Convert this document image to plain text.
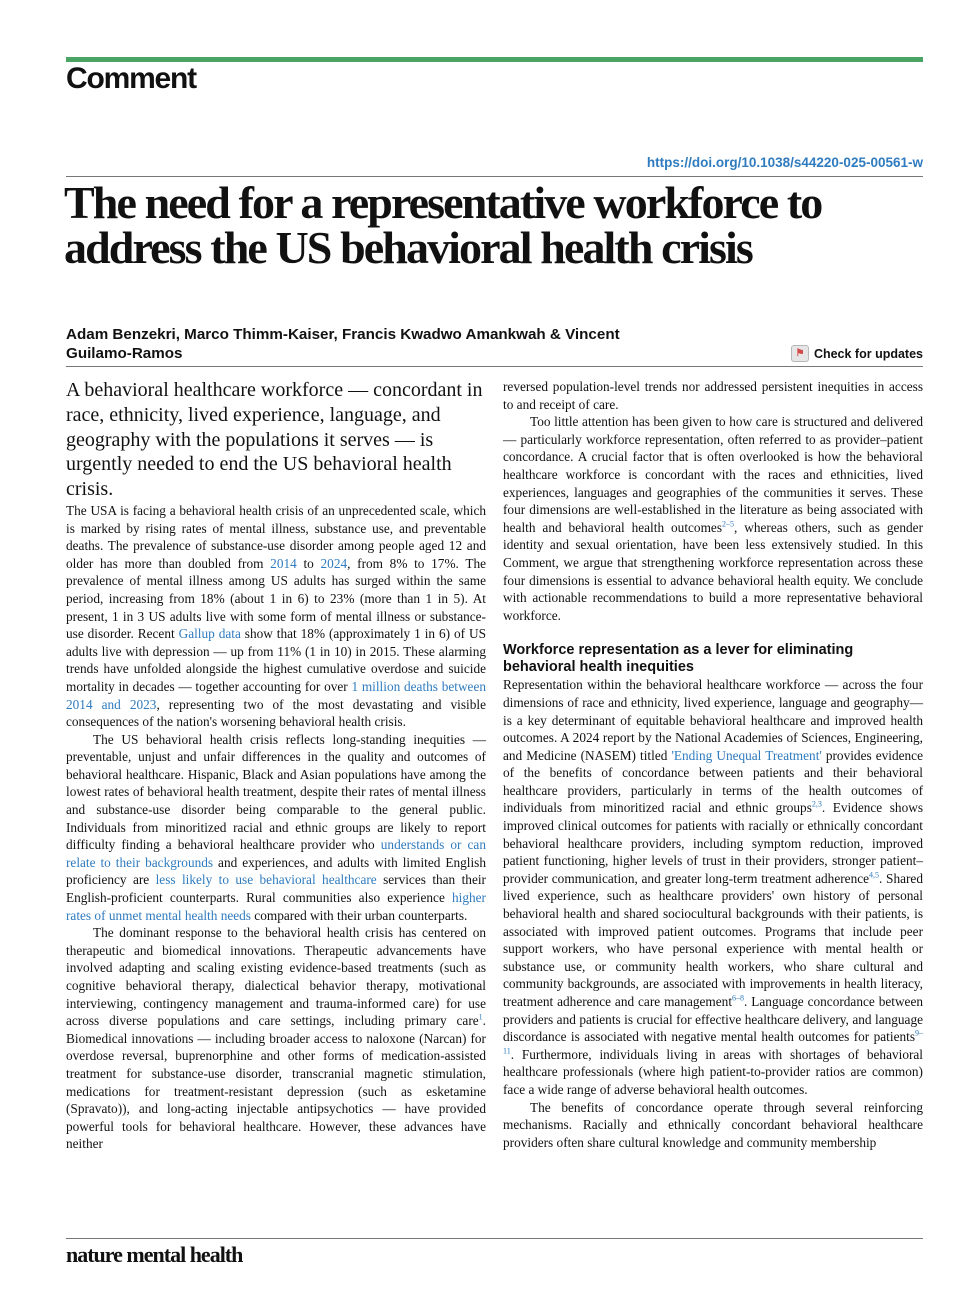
Comment
https://doi.org/10.1038/s44220-025-00561-w
The need for a representative workforce to address the US behavioral health crisis
Adam Benzekri, Marco Thimm-Kaiser, Francis Kwadwo Amankwah & Vincent Guilamo-Ramos	⚑ Check for updates

A behavioral healthcare workforce — concordant in race, ethnicity, lived experience, language, and geography with the populations it serves — is urgently needed to end the US behavioral health crisis.

The USA is facing a behavioral health crisis of an unprecedented scale, which is marked by rising rates of mental illness, substance use, and preventable deaths. The prevalence of substance-use disorder among people aged 12 and older has more than doubled from 2014 to 2024, from 8% to 17%. The prevalence of mental illness among US adults has surged within the same period, increasing from 18% (about 1 in 6) to 23% (more than 1 in 5). At present, 1 in 3 US adults live with some form of mental illness or substance-use disorder. Recent Gallup data show that 18% (approximately 1 in 6) of US adults live with depression — up from 11% (1 in 10) in 2015. These alarming trends have unfolded alongside the highest cumulative overdose and suicide mortality in decades — together accounting for over 1 million deaths between 2014 and 2023, representing two of the most devastating and visible consequences of the nation's worsening behavioral health crisis.

The US behavioral health crisis reflects long-standing inequities — preventable, unjust and unfair differences in the quality and outcomes of behavioral healthcare. Hispanic, Black and Asian populations have among the lowest rates of behavioral health treatment, despite their rates of mental illness and substance-use disorder being comparable to the general public. Individuals from minoritized racial and ethnic groups are likely to report difficulty finding a behavioral healthcare provider who understands or can relate to their backgrounds and experiences, and adults with limited English proficiency are less likely to use behavioral healthcare services than their English-proficient counterparts. Rural communities also experience higher rates of unmet mental health needs compared with their urban counterparts.

The dominant response to the behavioral health crisis has centered on therapeutic and biomedical innovations. Therapeutic advancements have involved adapting and scaling existing evidence-based treatments (such as cognitive behavioral therapy, dialectical behavior therapy, motivational interviewing, contingency management and trauma-informed care) for use across diverse populations and care settings, including primary care$^1$. Biomedical innovations — including broader access to naloxone (Narcan) for overdose reversal, buprenorphine and other forms of medication-assisted treatment for substance-use disorder, transcranial magnetic stimulation, medications for treatment-resistant depression (such as esketamine (Spravato)), and long-acting injectable antipsychotics — have provided powerful tools for behavioral healthcare. However, these advances have neither

reversed population-level trends nor addressed persistent inequities in access to and receipt of care.

Too little attention has been given to how care is structured and delivered — particularly workforce representation, often referred to as provider–patient concordance. A crucial factor that is often overlooked is how the behavioral healthcare workforce is concordant with the races and ethnicities, lived experiences, languages and geographies of the communities it serves. These four dimensions are well-established in the literature as being associated with health and behavioral health outcomes$^{2-5}$, whereas others, such as gender identity and sexual orientation, have been less extensively studied. In this Comment, we argue that strengthening workforce representation across these four dimensions is essential to advance behavioral health equity. We conclude with actionable recommendations to build a more representative behavioral workforce.

Workforce representation as a lever for eliminating behavioral health inequities

Representation within the behavioral healthcare workforce — across the four dimensions of race and ethnicity, lived experience, language and geography—is a key determinant of equitable behavioral healthcare and improved health outcomes. A 2024 report by the National Academies of Sciences, Engineering, and Medicine (NASEM) titled 'Ending Unequal Treatment' provides evidence of the benefits of concordance between patients and their behavioral healthcare providers, particularly in terms of the health outcomes of individuals from minoritized racial and ethnic groups$^{2,3}$. Evidence shows improved clinical outcomes for patients with racially or ethnically concordant behavioral healthcare providers, including symptom reduction, improved patient functioning, higher levels of trust in their providers, stronger patient–provider communication, and greater long-term treatment adherence$^{4,5}$. Shared lived experience, such as healthcare providers' own history of personal behavioral health and shared sociocultural backgrounds with their patients, is associated with improved patient outcomes. Programs that include peer support workers, who have personal experience with mental health or substance use, or community health workers, who share cultural and community backgrounds, are associated with improvements in health literacy, treatment adherence and care management$^{6-8}$. Language concordance between providers and patients is crucial for effective healthcare delivery, and language discordance is associated with negative mental health outcomes for patients$^{9-11}$. Furthermore, individuals living in areas with shortages of behavioral healthcare professionals (where high patient-to-provider ratios are common) face a wide range of adverse behavioral health outcomes.

The benefits of concordance operate through several reinforcing mechanisms. Racially and ethnically concordant behavioral healthcare providers often share cultural knowledge and community membership

nature mental health
